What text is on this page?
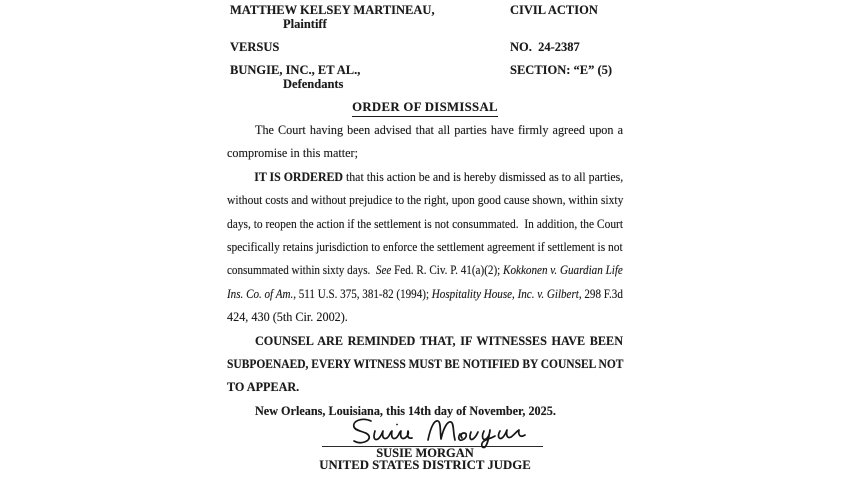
MATTHEW KELSEY MARTINEAU,
Plaintiff
VERSUS
BUNGIE, INC., ET AL.,
Defendants
CIVIL ACTION
NO.  24-2387
SECTION: “E” (5)
ORDER OF DISMISSAL
The Court having been advised that all parties have firmly agreed upon a
compromise in this matter;
IT IS ORDERED that this action be and is hereby dismissed as to all parties,
without costs and without prejudice to the right, upon good cause shown, within sixty
days, to reopen the action if the settlement is not consummated.  In addition, the Court
specifically retains jurisdiction to enforce the settlement agreement if settlement is not
consummated within sixty days.  See Fed. R. Civ. P. 41(a)(2); Kokkonen v. Guardian Life
Ins. Co. of Am., 511 U.S. 375, 381-82 (1994); Hospitality House, Inc. v. Gilbert, 298 F.3d
424, 430 (5th Cir. 2002).
COUNSEL ARE REMINDED THAT, IF WITNESSES HAVE BEEN
SUBPOENAED, EVERY WITNESS MUST BE NOTIFIED BY COUNSEL NOT
TO APPEAR.
New Orleans, Louisiana, this 14th day of November, 2025.
SUSIE MORGAN
UNITED STATES DISTRICT JUDGE
